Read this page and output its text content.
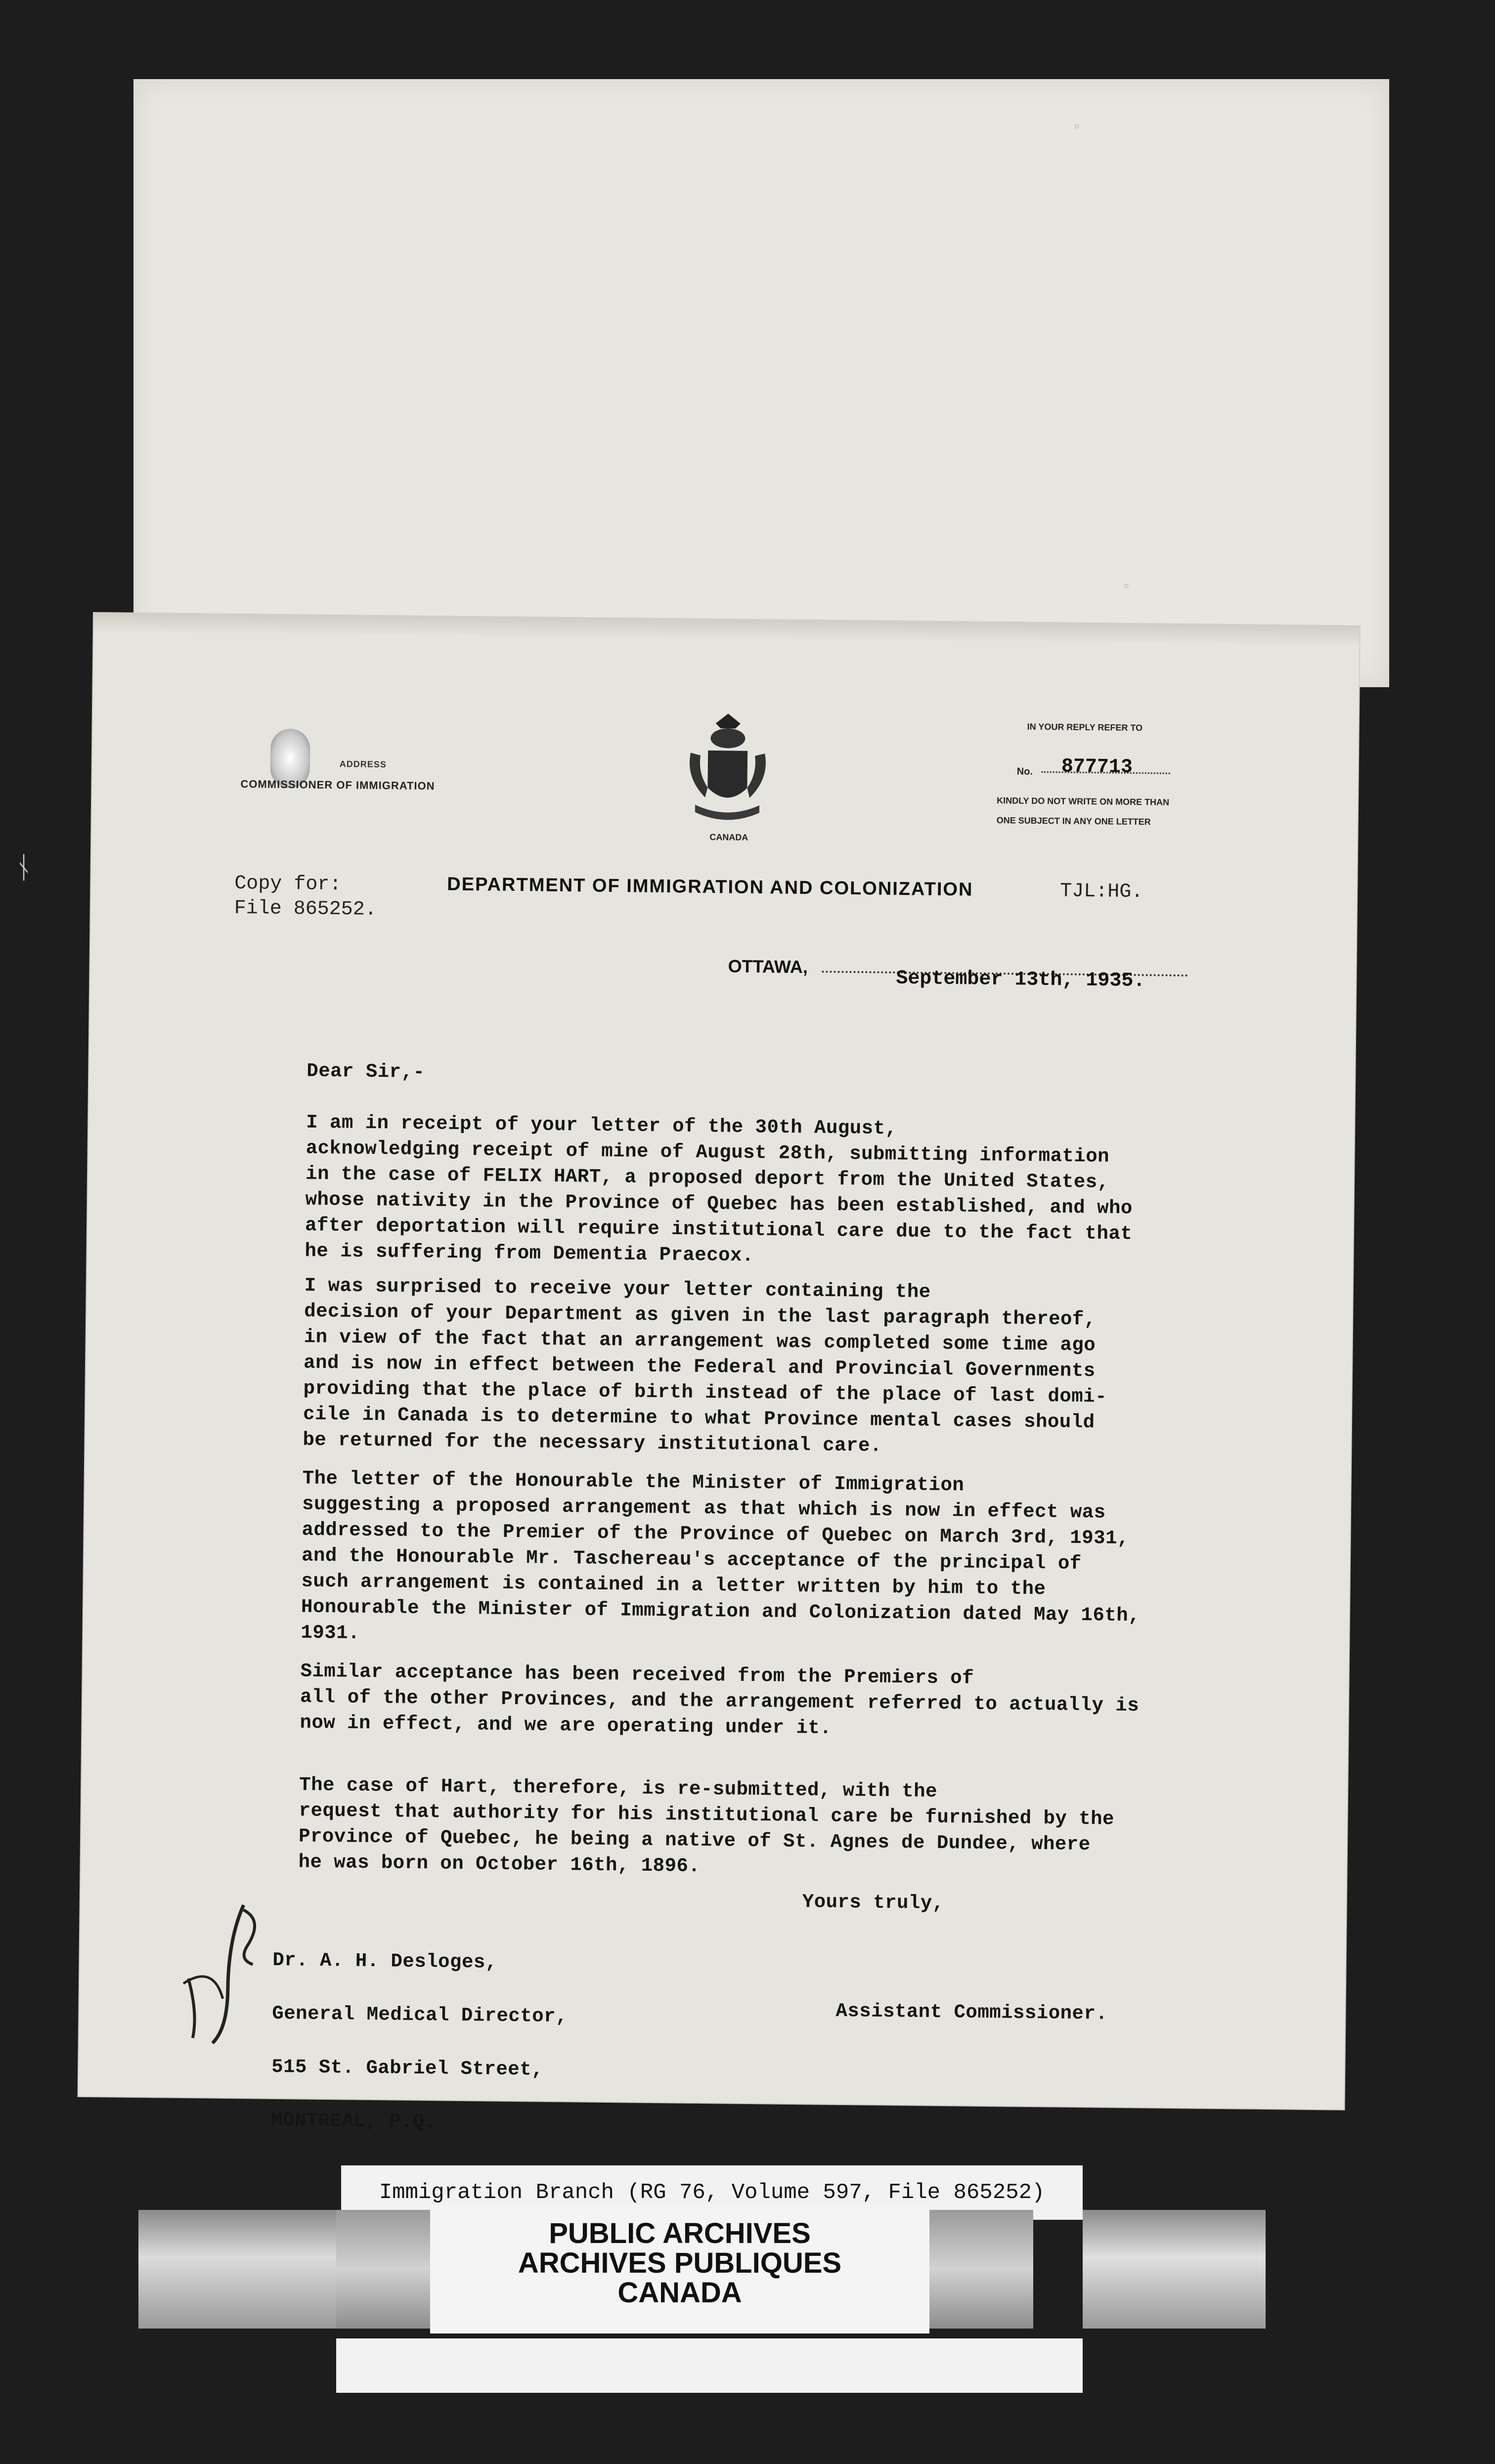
ᚾ
◦
◦
ADDRESS
COMMISSIONER OF IMMIGRATION
CANADA
IN YOUR REPLY REFER TO
No. 877713
KINDLY DO NOT WRITE ON MORE THAN
ONE SUBJECT IN ANY ONE LETTER
Copy for:
File 865252.
DEPARTMENT OF IMMIGRATION AND COLONIZATION	TJL:HG.
OTTAWA,
September 13th, 1935.
Dear Sir,-
I am in receipt of your letter of the 30th August,
acknowledging receipt of mine of August 28th, submitting information
in the case of FELIX HART, a proposed deport from the United States,
whose nativity in the Province of Quebec has been established, and who
after deportation will require institutional care due to the fact that
he is suffering from Dementia Praecox.
I was surprised to receive your letter containing the
decision of your Department as given in the last paragraph thereof,
in view of the fact that an arrangement was completed some time ago
and is now in effect between the Federal and Provincial Governments
providing that the place of birth instead of the place of last domi-
cile in Canada is to determine to what Province mental cases should
be returned for the necessary institutional care.
The letter of the Honourable the Minister of Immigration
suggesting a proposed arrangement as that which is now in effect was
addressed to the Premier of the Province of Quebec on March 3rd, 1931,
and the Honourable Mr. Taschereau's acceptance of the principal of
such arrangement is contained in a letter written by him to the
Honourable the Minister of Immigration and Colonization dated May 16th,
1931.
Similar acceptance has been received from the Premiers of
all of the other Provinces, and the arrangement referred to actually is
now in effect, and we are operating under it.
The case of Hart, therefore, is re-submitted, with the
request that authority for his institutional care be furnished by the
Province of Quebec, he being a native of St. Agnes de Dundee, where
he was born on October 16th, 1896.
Yours truly,

Dr. A. H. Desloges,

General Medical Director,

515 St. Gabriel Street,

MONTREAL, P.Q.

Assistant Commissioner.
Immigration Branch (RG 76, Volume 597, File 865252)
PUBLIC ARCHIVES
ARCHIVES PUBLIQUES
CANADA
